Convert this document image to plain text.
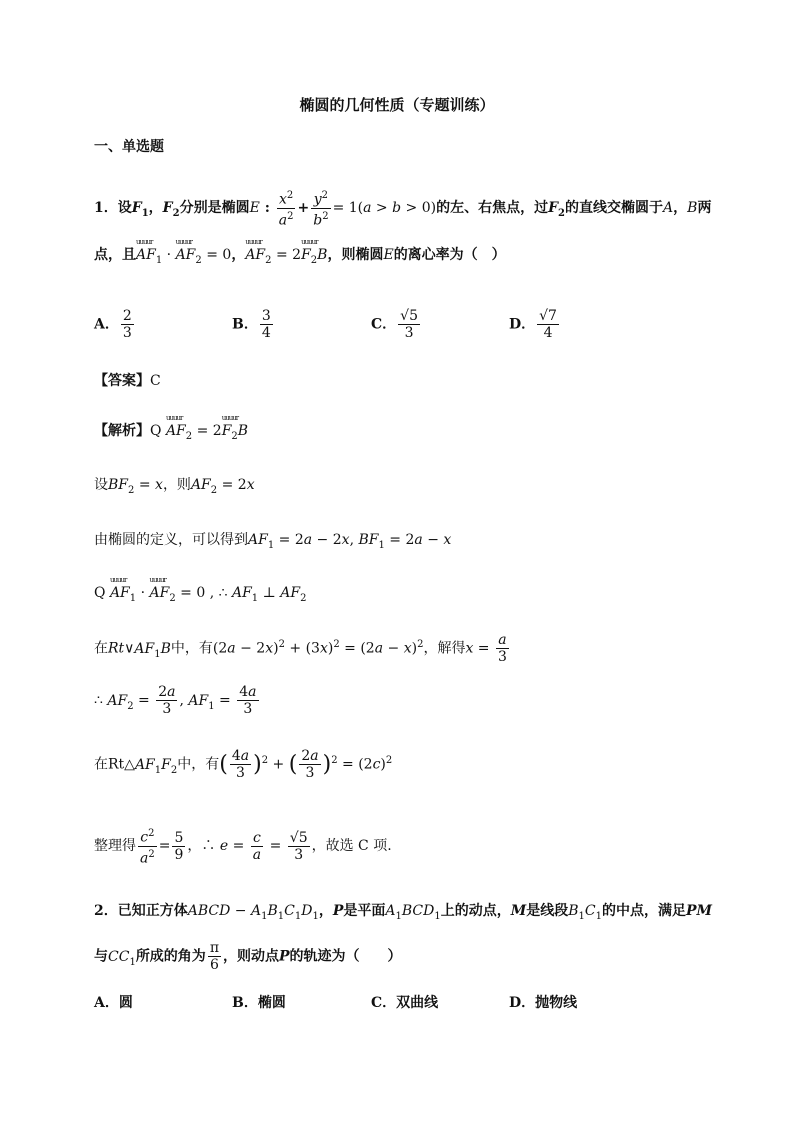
椭圆的几何性质（专题训练）
一、单选题
1．设$F_1$，$F_2$分别是椭圆E : $\frac{x^2}{a^2} + \frac{y^2}{b^2} = 1(a > b > 0)$的左、右焦点，过$F_2$的直线交椭圆于A，B两
点，且uuuur $AF_1$ · uuuur $AF_2 = 0$，uuuur $AF_2$ = 2uuuur $F_2B$，则椭圆E的离心率为（　）
A． $\frac{2}{3}$	B． $\frac{3}{4}$	C． $\frac{√5}{3}$	D． $\frac{√7}{4}$
【答案】C
【解析】Q uuuur $AF_2$ = 2uuuur $F_2B$
设$BF_2 = x$，则$AF_2 = 2x$
由椭圆的定义，可以得到$AF_1 = 2a - 2x$, $BF_1 = 2a - x$
Q uuuur $AF_1$ · uuuur $AF_2 = 0$ , ∴ $AF_1$ ⊥ $AF_2$
在$Rt\vee AF_1B$中，有$(2a - 2x)^2 + (3x)^2 = (2a - x)^2$，解得$x = \frac{a}{3}$
∴ $AF_2 = \frac{2a}{3}$ , $AF_1 = \frac{4a}{3}$
在$Rt\triangle AF_1F_2$中，有( $\frac{4a}{3} )^2$ + ( $\frac{2a}{3} )^2 = (2c)^2$
整理得 $\frac{c^2}{a^2} = \frac{5}{9}$ ，∴ $e = \frac{c}{a} = \frac{√5}{3}$ ，故选 C 项.
2．已知正方体ABCD − $A_1B_1C_1D_1$，P是平面$A_1BCD_1$上的动点，M是线段$B_1C_1$的中点，满足PM
与$CC_1$所成的角为 $\frac{\pi}{6}$ ，则动点P的轨迹为（　　）
A．圆	B．椭圆	C．双曲线	D．抛物线
